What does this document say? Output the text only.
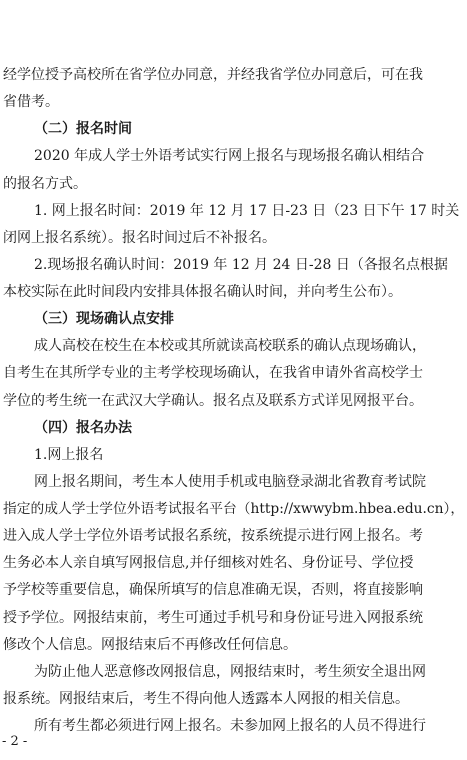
经学位授予高校所在省学位办同意，并经我省学位办同意后，可在我
省借考。
（二）报名时间
2020 年成人学士外语考试实行网上报名与现场报名确认相结合
的报名方式。
1. 网上报名时间：2019 年 12 月 17 日-23 日（23 日下午 17 时关
闭网上报名系统）。报名时间过后不补报名。
2.现场报名确认时间：2019 年 12 月 24 日-28 日（各报名点根据
本校实际在此时间段内安排具体报名确认时间，并向考生公布）。
（三）现场确认点安排
成人高校在校生在本校或其所就读高校联系的确认点现场确认，
自考生在其所学专业的主考学校现场确认，在我省申请外省高校学士
学位的考生统一在武汉大学确认。报名点及联系方式详见网报平台。
（四）报名办法
1.网上报名
网上报名期间，考生本人使用手机或电脑登录湖北省教育考试院
指定的成人学士学位外语考试报名平台（http://xwwybm.hbea.edu.cn），
进入成人学士学位外语考试报名系统，按系统提示进行网上报名。考
生务必本人亲自填写网报信息,并仔细核对姓名、身份证号、学位授
予学校等重要信息，确保所填写的信息准确无误，否则，将直接影响
授予学位。网报结束前，考生可通过手机号和身份证号进入网报系统
修改个人信息。网报结束后不再修改任何信息。
为防止他人恶意修改网报信息，网报结束时，考生须安全退出网
报系统。网报结束后，考生不得向他人透露本人网报的相关信息。
所有考生都必须进行网上报名。未参加网上报名的人员不得进行
- 2 -
